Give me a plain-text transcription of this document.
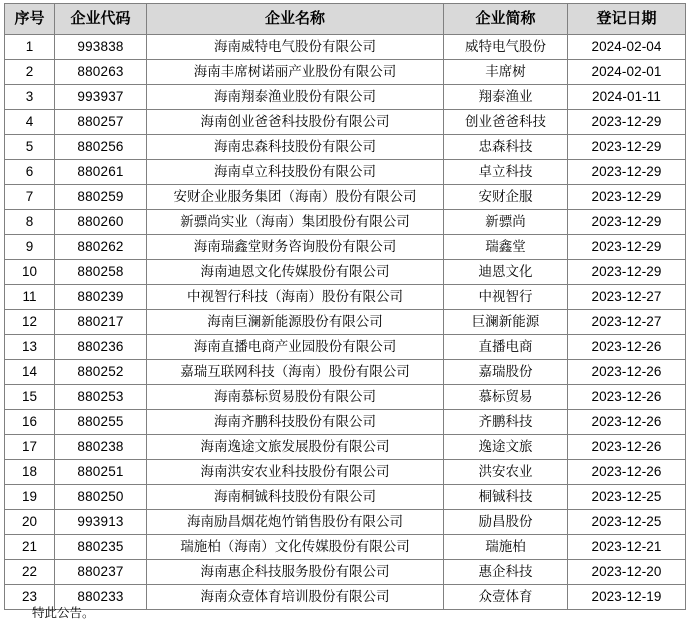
序号	企业代码	企业名称	企业简称	登记日期
1	993838	海南威特电气股份有限公司	威特电气股份	2024-02-04
2	880263	海南丰席树诺丽产业股份有限公司	丰席树	2024-02-01
3	993937	海南翔泰渔业股份有限公司	翔泰渔业	2024-01-11
4	880257	海南创业爸爸科技股份有限公司	创业爸爸科技	2023-12-29
5	880256	海南忠森科技股份有限公司	忠森科技	2023-12-29
6	880261	海南卓立科技股份有限公司	卓立科技	2023-12-29
7	880259	安财企业服务集团（海南）股份有限公司	安财企服	2023-12-29
8	880260	新骠尚实业（海南）集团股份有限公司	新骠尚	2023-12-29
9	880262	海南瑞鑫堂财务咨询股份有限公司	瑞鑫堂	2023-12-29
10	880258	海南迪恩文化传媒股份有限公司	迪恩文化	2023-12-29
11	880239	中视智行科技（海南）股份有限公司	中视智行	2023-12-27
12	880217	海南巨澜新能源股份有限公司	巨澜新能源	2023-12-27
13	880236	海南直播电商产业园股份有限公司	直播电商	2023-12-26
14	880252	嘉瑞互联网科技（海南）股份有限公司	嘉瑞股份	2023-12-26
15	880253	海南慕标贸易股份有限公司	慕标贸易	2023-12-26
16	880255	海南齐鹏科技股份有限公司	齐鹏科技	2023-12-26
17	880238	海南逸途文旅发展股份有限公司	逸途文旅	2023-12-26
18	880251	海南洪安农业科技股份有限公司	洪安农业	2023-12-26
19	880250	海南桐铖科技股份有限公司	桐铖科技	2023-12-25
20	993913	海南励昌烟花炮竹销售股份有限公司	励昌股份	2023-12-25
21	880235	瑞施柏（海南）文化传媒股份有限公司	瑞施柏	2023-12-21
22	880237	海南惠企科技服务股份有限公司	惠企科技	2023-12-20
23	880233	海南众壹体育培训股份有限公司	众壹体育	2023-12-19
特此公告。
